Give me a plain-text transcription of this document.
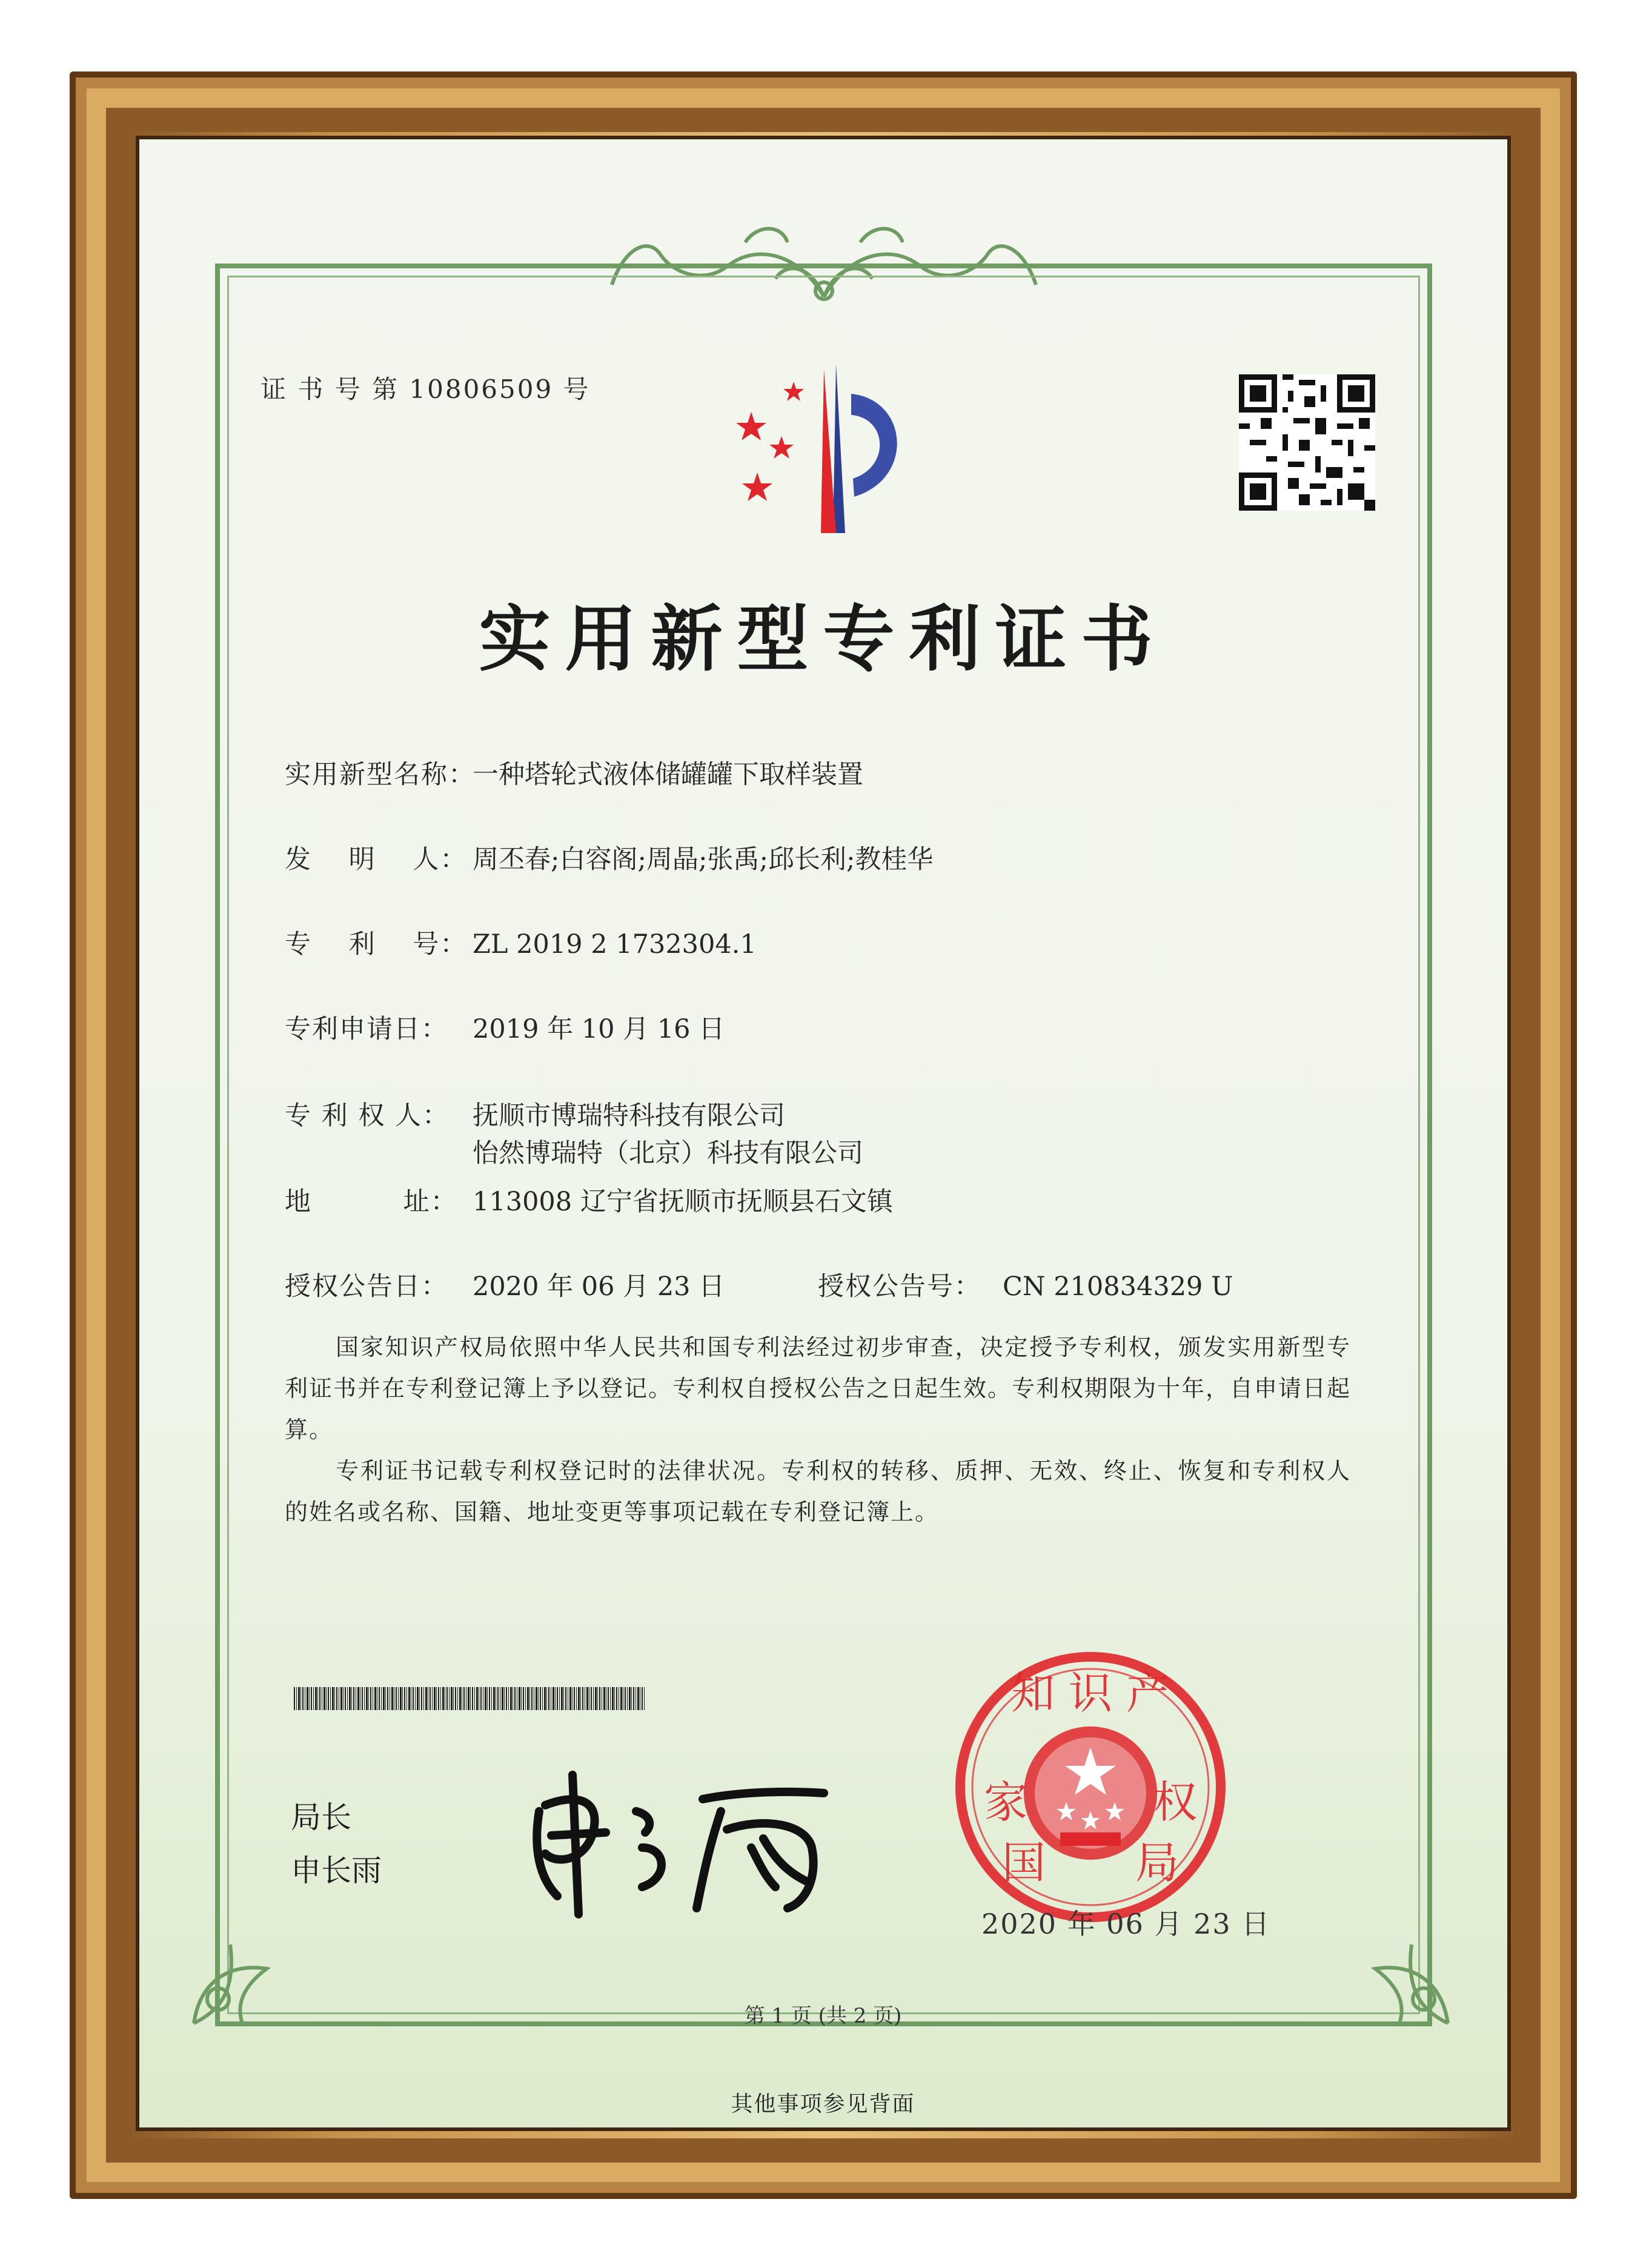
证 书 号 第 10806509 号
实用新型专利证书
实用新型名称：一种塔轮式液体储罐罐下取样装置
发　 明　 人： 周丕春;白容阁;周晶;张禹;邱长利;教桂华
专　 利　 号： ZL 2019 2 1732304.1
专利申请日： 2019 年 10 月 16 日
专 利 权 人： 抚顺市博瑞特科技有限公司
怡然博瑞特（北京）科技有限公司
地　　　 址： 113008 辽宁省抚顺市抚顺县石文镇
授权公告日： 2020 年 06 月 23 日	授权公告号： CN 210834329 U
国家知识产权局依照中华人民共和国专利法经过初步审查，决定授予专利权，颁发实用新型专利证书并在专利登记簿上予以登记。专利权自授权公告之日起生效。专利权期限为十年，自申请日起算。
专利证书记载专利权登记时的法律状况。专利权的转移、质押、无效、终止、恢复和专利权人的姓名或名称、国籍、地址变更等事项记载在专利登记簿上。
局长
申长雨
知 识 产
家	权
国 局
2020 年 06 月 23 日
第 1 页 (共 2 页)
其他事项参见背面
